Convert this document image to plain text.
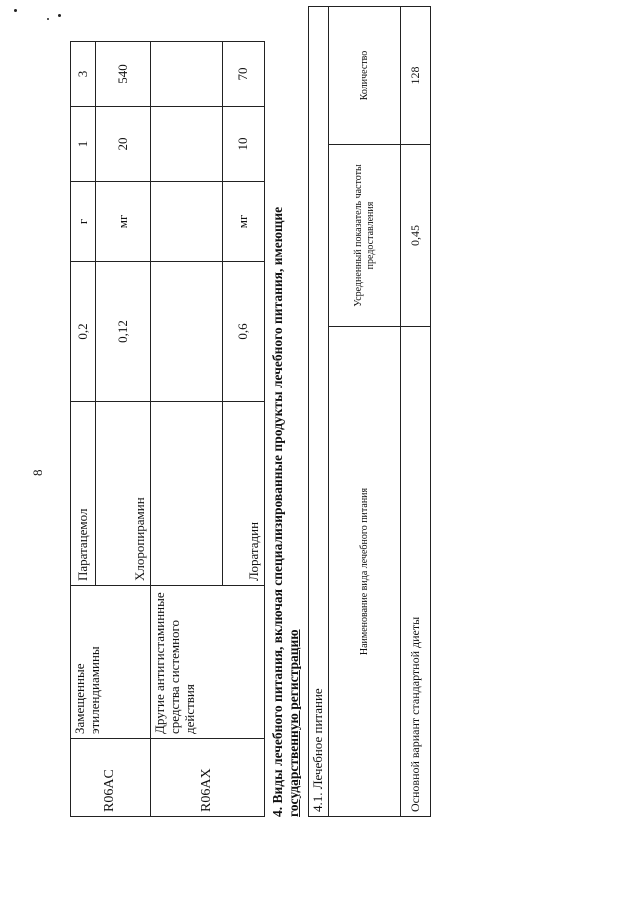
8
R06AC	Замещенные этилендиамины	Паратацемол	0,2	г	1	3
		Хлоропирамин	0,12	мг	20	540
R06AX	Другие антигистаминные средства системного действия					
		Лоратадин	0,6	мг	10	70
4. Виды лечебного питания, включая специализированные продукты лечебного питания, имеющие государственную регистрацию 4.1. Лечебное питание		
Наименование вида лечебного питания	Усредненный показатель частоты предоставления	Количество
Основной вариант стандартной диеты	0,45	128
